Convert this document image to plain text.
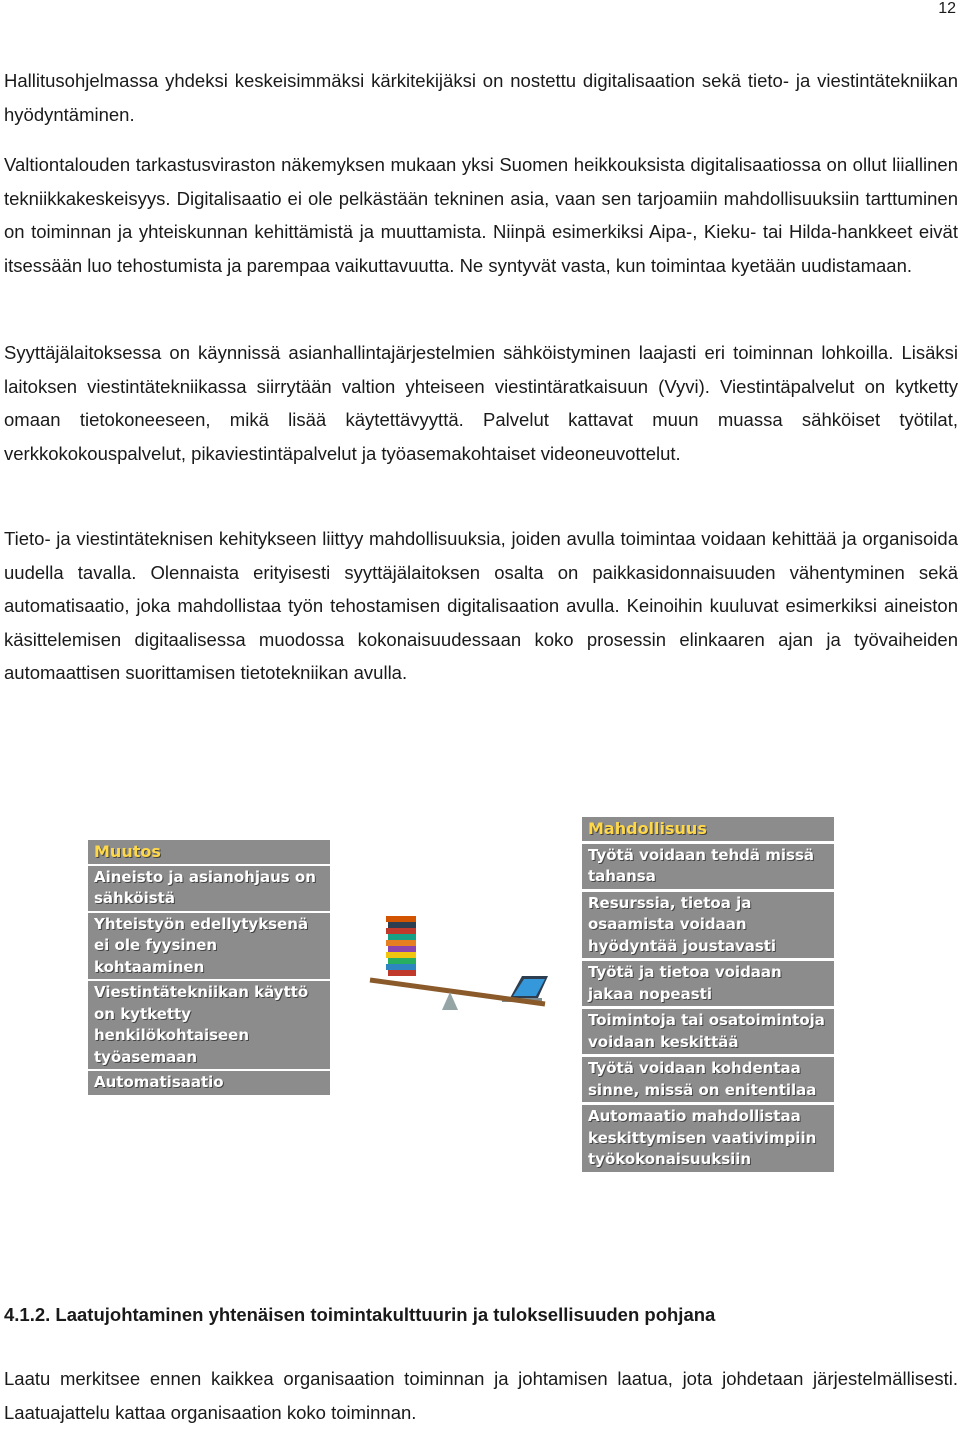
12

Hallitusohjelmassa yhdeksi keskeisimmäksi kärkitekijäksi on nostettu digitalisaation sekä tieto- ja viestintätekniikan hyödyntäminen.

Valtiontalouden tarkastusviraston näkemyksen mukaan yksi Suomen heikkouksista digitalisaatiossa on ollut liiallinen tekniikkakeskeisyys. Digitalisaatio ei ole pelkästään tekninen asia, vaan sen tarjoamiin mahdollisuuksiin tarttuminen on toiminnan ja yhteiskunnan kehittämistä ja muuttamista. Niinpä esimerkiksi Aipa-, Kieku- tai Hilda-hankkeet eivät itsessään luo tehostumista ja parempaa vaikuttavuutta. Ne syntyvät vasta, kun toimintaa kyetään uudistamaan.

Syyttäjälaitoksessa on käynnissä asianhallintajärjestelmien sähköistyminen laajasti eri toiminnan lohkoilla. Lisäksi laitoksen viestintätekniikassa siirrytään valtion yhteiseen viestintäratkaisuun (Vyvi). Viestintäpalvelut on kytketty omaan tietokoneeseen, mikä lisää käytettävyyttä. Palvelut kattavat muun muassa sähköiset työtilat, verkkokokouspalvelut, pikaviestintäpalvelut ja työasemakohtaiset videoneuvottelut.

Tieto- ja viestintäteknisen kehitykseen liittyy mahdollisuuksia, joiden avulla toimintaa voidaan kehittää ja organisoida uudella tavalla. Olennaista erityisesti syyttäjälaitoksen osalta on paikkasidonnaisuuden vähentyminen sekä automatisaatio, joka mahdollistaa työn tehostamisen digitalisaation avulla. Keinoihin kuuluvat esimerkiksi aineiston käsittelemisen digitaalisessa muodossa kokonaisuudessaan koko prosessin elinkaaren ajan ja työvaiheiden automaattisen suorittamisen tietotekniikan avulla.

Muutos
Aineisto ja asianohjaus on sähköistä
Yhteistyön edellytyksenä ei ole fyysinen kohtaaminen
Viestintätekniikan käyttö on kytketty henkilökohtaiseen työasemaan
Automatisaatio
Mahdollisuus
Työtä voidaan tehdä missä tahansa
Resurssia, tietoa ja osaamista voidaan hyödyntää joustavasti
Työtä ja tietoa voidaan jakaa nopeasti
Toimintoja tai osatoimintoja voidaan keskittää
Työtä voidaan kohdentaa sinne, missä on enitentilaa
Automaatio mahdollistaa keskittymisen vaativimpiin työkokonaisuuksiin
4.1.2. Laatujohtaminen yhtenäisen toimintakulttuurin ja tuloksellisuuden pohjana

Laatu merkitsee ennen kaikkea organisaation toiminnan ja johtamisen laatua, jota johdetaan järjestelmällisesti. Laatuajattelu kattaa organisaation koko toiminnan.
